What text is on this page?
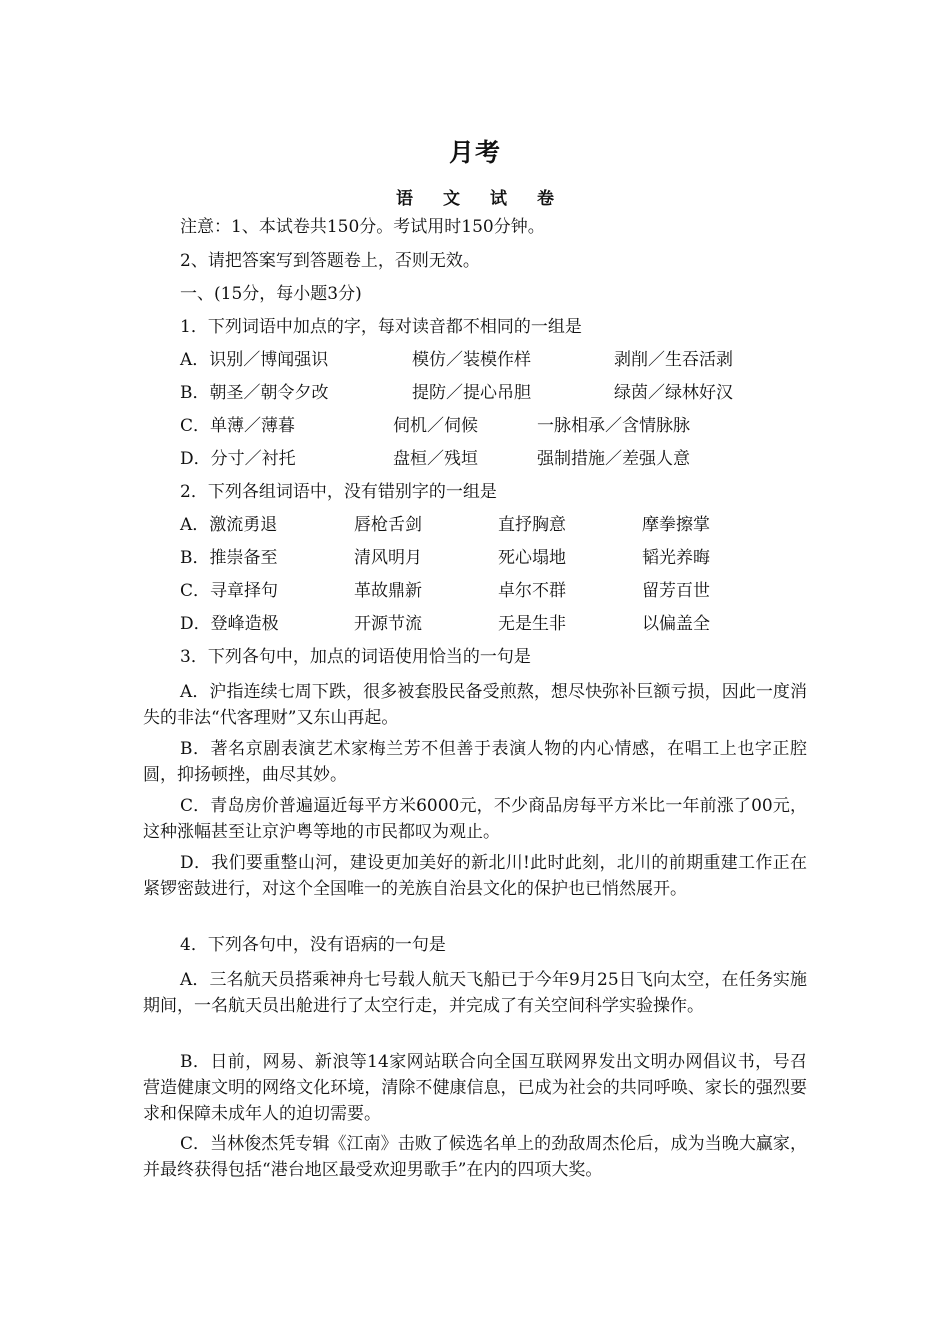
月考
语 文 试 卷
注意：1、本试卷共150分。考试用时150分钟。
2、请把答案写到答题卷上，否则无效。
一、(15分，每小题3分)
1．下列词语中加点的字，每对读音都不相同的一组是
A．识别／博闻强识	模仿／装模作样	剥削／生吞活剥
B．朝圣／朝令夕改	提防／提心吊胆	绿茵／绿林好汉
C．单薄／薄暮	伺机／伺候	一脉相承／含情脉脉
D．分寸／衬托	盘桓／残垣	强制措施／差强人意
2．下列各组词语中，没有错别字的一组是
A．激流勇退	唇枪舌剑	直抒胸意	摩拳擦掌
B．推崇备至	清风明月	死心塌地	韬光养晦
C．寻章择句	革故鼎新	卓尔不群	留芳百世
D．登峰造极	开源节流	无是生非	以偏盖全
3．下列各句中，加点的词语使用恰当的一句是
A．沪指连续七周下跌，很多被套股民备受煎熬，想尽快弥补巨额亏损，因此一度消失的非法“代客理财”又东山再起。
B．著名京剧表演艺术家梅兰芳不但善于表演人物的内心情感，在唱工上也字正腔圆，抑扬顿挫，曲尽其妙。
C．青岛房价普遍逼近每平方米6000元，不少商品房每平方米比一年前涨了00元，这种涨幅甚至让京沪粤等地的市民都叹为观止。
D．我们要重整山河，建设更加美好的新北川!此时此刻，北川的前期重建工作正在紧锣密鼓进行，对这个全国唯一的羌族自治县文化的保护也已悄然展开。
4．下列各句中，没有语病的一句是
A．三名航天员搭乘神舟七号载人航天飞船已于今年9月25日飞向太空，在任务实施期间，一名航天员出舱进行了太空行走，并完成了有关空间科学实验操作。
B．日前，网易、新浪等14家网站联合向全国互联网界发出文明办网倡议书，号召营造健康文明的网络文化环境，清除不健康信息，已成为社会的共同呼唤、家长的强烈要求和保障未成年人的迫切需要。
C．当林俊杰凭专辑《江南》击败了候选名单上的劲敌周杰伦后，成为当晚大赢家，并最终获得包括“港台地区最受欢迎男歌手”在内的四项大奖。
